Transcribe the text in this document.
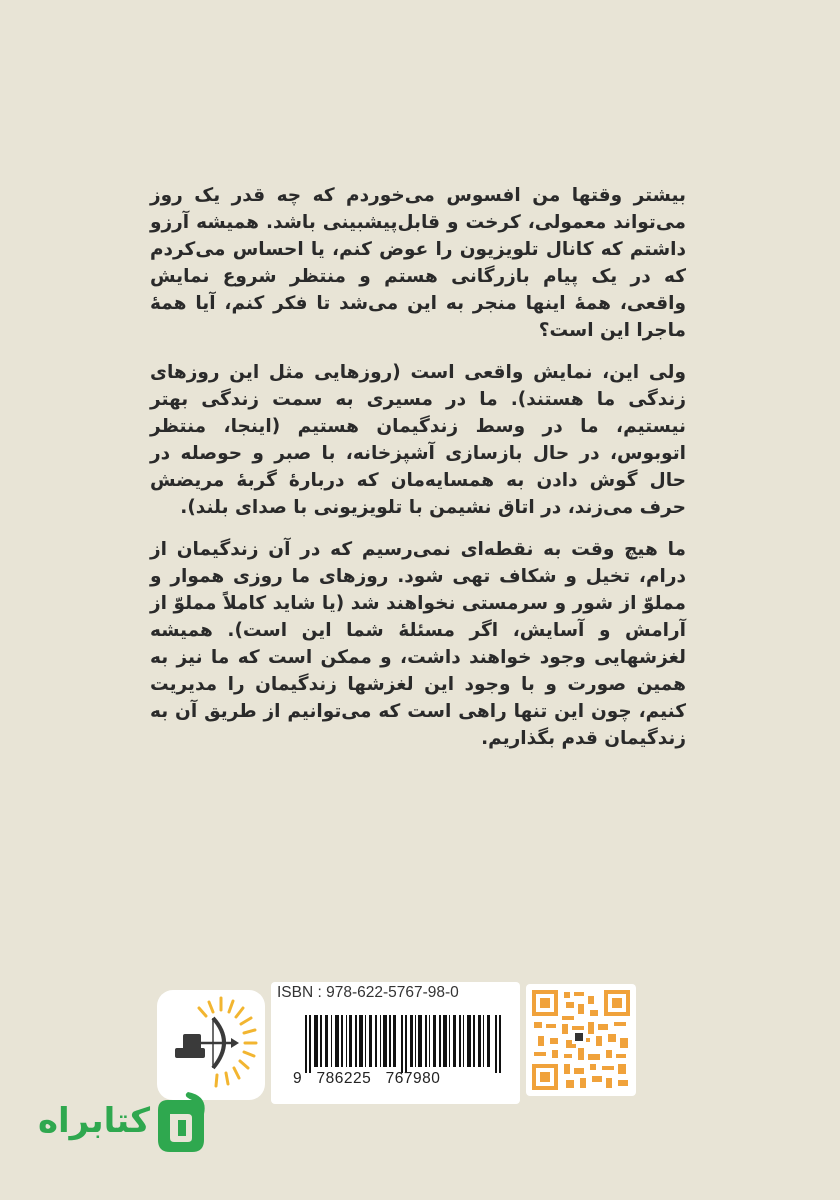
بیشتر وقتها من افسوس می‌خوردم که چه قدر یک روز می‌تواند معمولی، کرخت و قابل‌پیشبینی باشد. همیشه آرزو داشتم که کانال تلویزیون را عوض کنم، یا احساس می‌کردم که در یک پیام بازرگانی هستم و منتظر شروع نمایش واقعی، همهٔ اینها منجر به این می‌شد تا فکر کنم، آیا همهٔ ماجرا این است؟

ولی این، نمایش واقعی است (روزهایی مثل این روزهای زندگی ما هستند). ما در مسیری به سمت زندگی بهتر نیستیم، ما در وسط زندگیمان هستیم (اینجا، منتظر اتوبوس، در حال بازسازی آشپزخانه، با صبر و حوصله در حال گوش دادن به همسایه‌مان که دربارهٔ گربهٔ مریضش حرف می‌زند، در اتاق نشیمن با تلویزیونی با صدای بلند).

ما هیچ وقت به نقطه‌ای نمی‌رسیم که در آن زندگیمان از درام، تخیل و شکاف تهی شود. روزهای ما روزی هموار و مملوّ از شور و سرمستی نخواهند شد (یا شاید کاملاً مملوّ از آرامش و آسایش، اگر مسئلهٔ شما این است). همیشه لغزشهایی وجود خواهند داشت، و ممکن است که ما نیز به همین صورت و با وجود این لغزشها زندگیمان را مدیریت کنیم، چون این تنها راهی است که می‌توانیم از طریق آن به زندگیمان قدم بگذاریم.

ISBN : 978-622-5767-98-0
9   786225   767980
کتابراه
